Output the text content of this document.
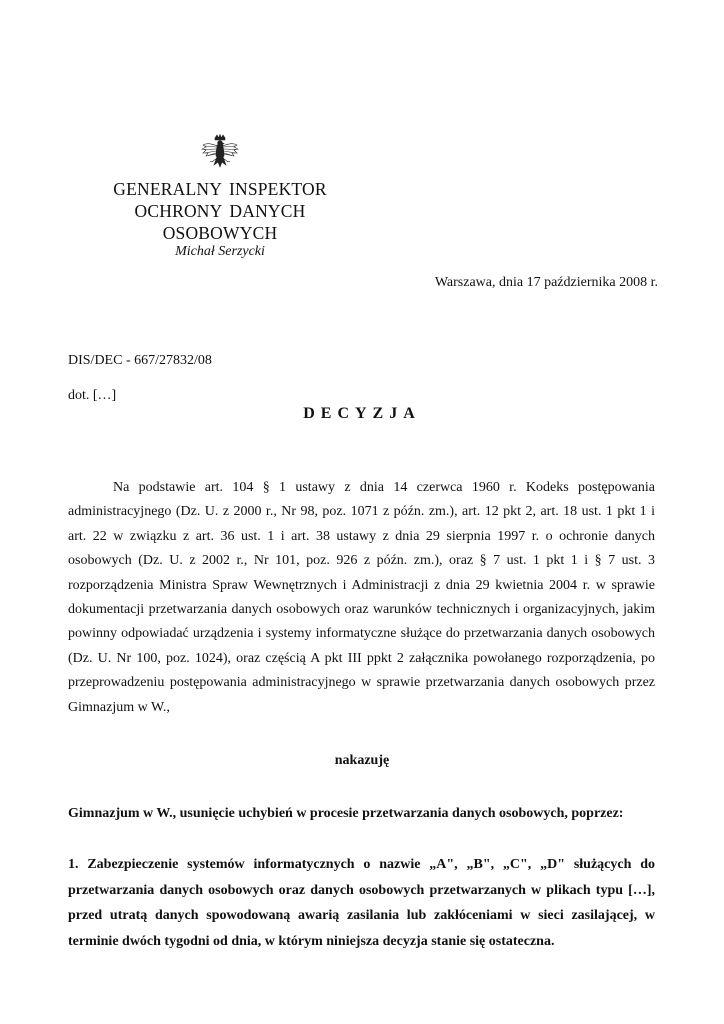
GENERALNY INSPEKTOR
OCHRONY DANYCH
OSOBOWYCH
Michał Serzycki
Warszawa, dnia 17 października 2008 r.
DIS/DEC - 667/27832/08
dot. […]
DECYZJA

Na podstawie art. 104 § 1 ustawy z dnia 14 czerwca 1960 r. Kodeks postępowania administracyjnego (Dz. U. z 2000 r., Nr 98, poz. 1071 z późn. zm.), art. 12 pkt 2, art. 18 ust. 1 pkt 1 i art. 22 w związku z art. 36 ust. 1 i art. 38 ustawy z dnia 29 sierpnia 1997 r. o ochronie danych osobowych (Dz. U. z 2002 r., Nr 101, poz. 926 z późn. zm.), oraz § 7 ust. 1 pkt 1 i § 7 ust. 3 rozporządzenia Ministra Spraw Wewnętrznych i Administracji z dnia 29 kwietnia 2004 r. w sprawie dokumentacji przetwarzania danych osobowych oraz warunków technicznych i organizacyjnych, jakim powinny odpowiadać urządzenia i systemy informatyczne służące do przetwarzania danych osobowych (Dz. U. Nr 100, poz. 1024), oraz częścią A pkt III ppkt 2 załącznika powołanego rozporządzenia, po przeprowadzeniu postępowania administracyjnego w sprawie przetwarzania danych osobowych przez Gimnazjum w W.,

nakazuję

Gimnazjum w W., usunięcie uchybień w procesie przetwarzania danych osobowych, poprzez:

1. Zabezpieczenie systemów informatycznych o nazwie „A", „B", „C", „D" służących do przetwarzania danych osobowych oraz danych osobowych przetwarzanych w plikach typu […], przed utratą danych spowodowaną awarią zasilania lub zakłóceniami w sieci zasilającej, w terminie dwóch tygodni od dnia, w którym niniejsza decyzja stanie się ostateczna.
